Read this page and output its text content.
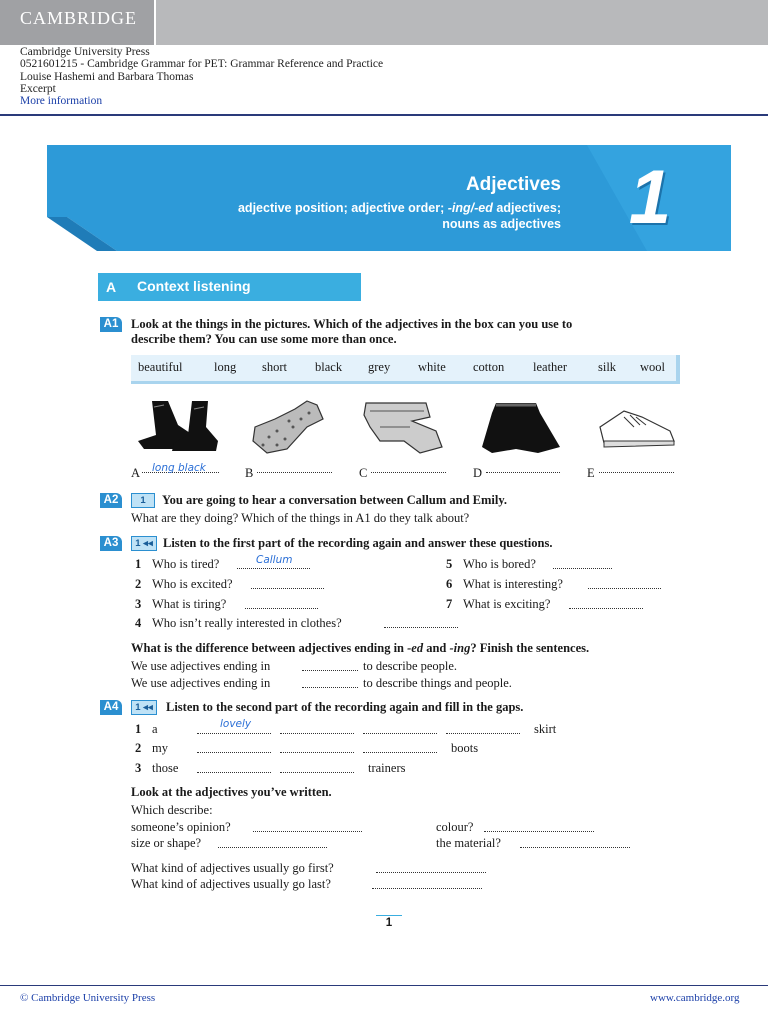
CAMBRIDGE
Cambridge University Press
0521601215 - Cambridge Grammar for PET: Grammar Reference and Practice
Louise Hashemi and Barbara Thomas
Excerpt
More information
Adjectives
adjective position; adjective order; -ing/-ed adjectives;
nouns as adjectives 1
A	Context listening
A1 Look at the things in the pictures. Which of the adjectives in the box can you use to
describe them? You can use some more than once.
beautiful	long short black grey white cotton leather silk wool
A long black	B	C	D	E
A2	1	You are going to hear a conversation between Callum and Emily.
What are they doing? Which of the things in A1 do they talk about?
A3	1 ◂◂ Listen to the first part of the recording again and answer these questions.
1 Who is tired?	Callum
2 Who is excited?
3 What is tiring?
4 Who isn’t really interested in clothes?
5 Who is bored?
6 What is interesting?
7 What is exciting?
What is the difference between adjectives ending in -ed and -ing? Finish the sentences.
We use adjectives ending in	to describe people.
We use adjectives ending in	to describe things and people.
A4	1 ◂◂	Listen to the second part of the recording again and fill in the gaps.
1 a	lovely	skirt
2 my	boots
3 those	trainers
Look at the adjectives you’ve written.
Which describe:
someone’s opinion?
size or shape?
colour?
the material?
What kind of adjectives usually go first?
What kind of adjectives usually go last?
1
© Cambridge University Press	www.cambridge.org
